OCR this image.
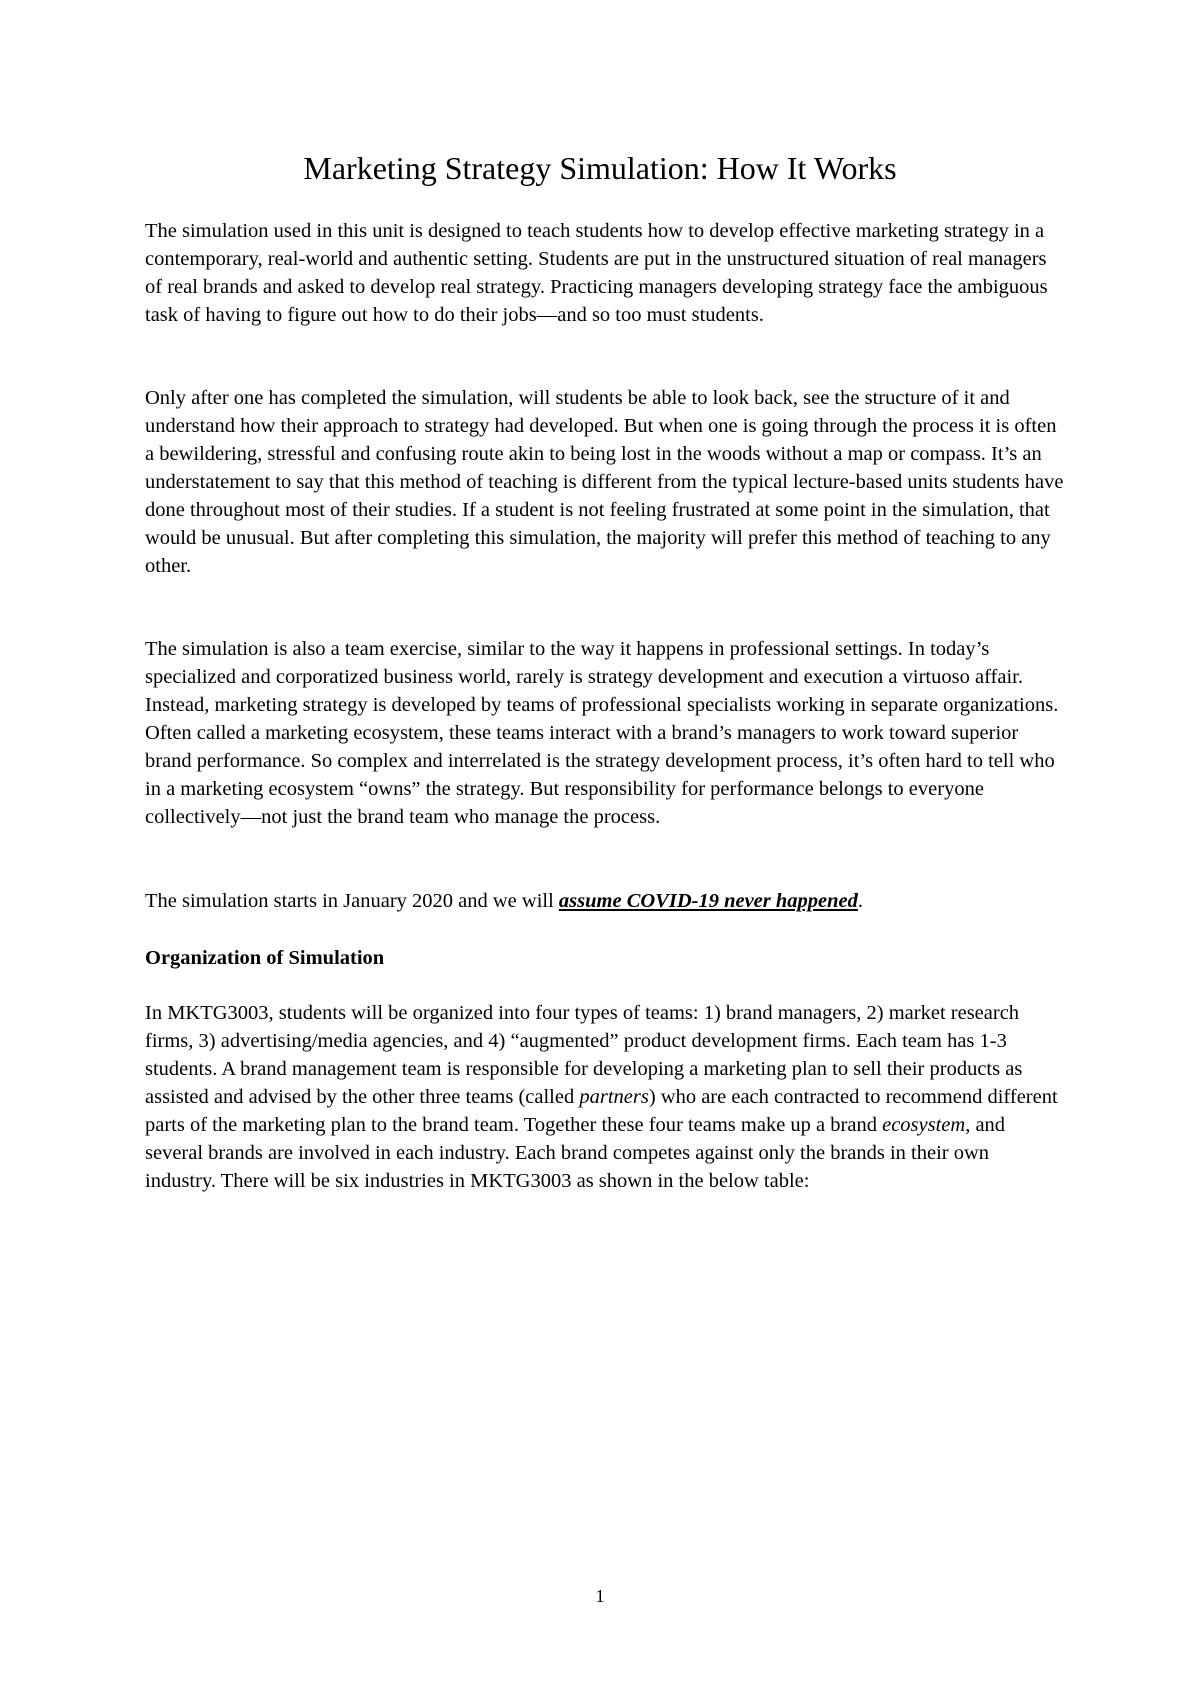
Marketing Strategy Simulation: How It Works

The simulation used in this unit is designed to teach students how to develop effective marketing strategy in a contemporary, real-world and authentic setting. Students are put in the unstructured situation of real managers of real brands and asked to develop real strategy. Practicing managers developing strategy face the ambiguous task of having to figure out how to do their jobs—and so too must students.

Only after one has completed the simulation, will students be able to look back, see the structure of it and understand how their approach to strategy had developed. But when one is going through the process it is often a bewildering, stressful and confusing route akin to being lost in the woods without a map or compass. It’s an understatement to say that this method of teaching is different from the typical lecture-based units students have done throughout most of their studies. If a student is not feeling frustrated at some point in the simulation, that would be unusual. But after completing this simulation, the majority will prefer this method of teaching to any other.

The simulation is also a team exercise, similar to the way it happens in professional settings. In today’s specialized and corporatized business world, rarely is strategy development and execution a virtuoso affair. Instead, marketing strategy is developed by teams of professional specialists working in separate organizations. Often called a marketing ecosystem, these teams interact with a brand’s managers to work toward superior brand performance. So complex and interrelated is the strategy development process, it’s often hard to tell who in a marketing ecosystem “owns” the strategy. But responsibility for performance belongs to everyone collectively—not just the brand team who manage the process.

The simulation starts in January 2020 and we will assume COVID-19 never happened.

Organization of Simulation

In MKTG3003, students will be organized into four types of teams: 1) brand managers, 2) market research firms, 3) advertising/media agencies, and 4) “augmented” product development firms. Each team has 1-3 students. A brand management team is responsible for developing a marketing plan to sell their products as assisted and advised by the other three teams (called partners) who are each contracted to recommend different parts of the marketing plan to the brand team. Together these four teams make up a brand ecosystem, and several brands are involved in each industry. Each brand competes against only the brands in their own industry. There will be six industries in MKTG3003 as shown in the below table:

1
